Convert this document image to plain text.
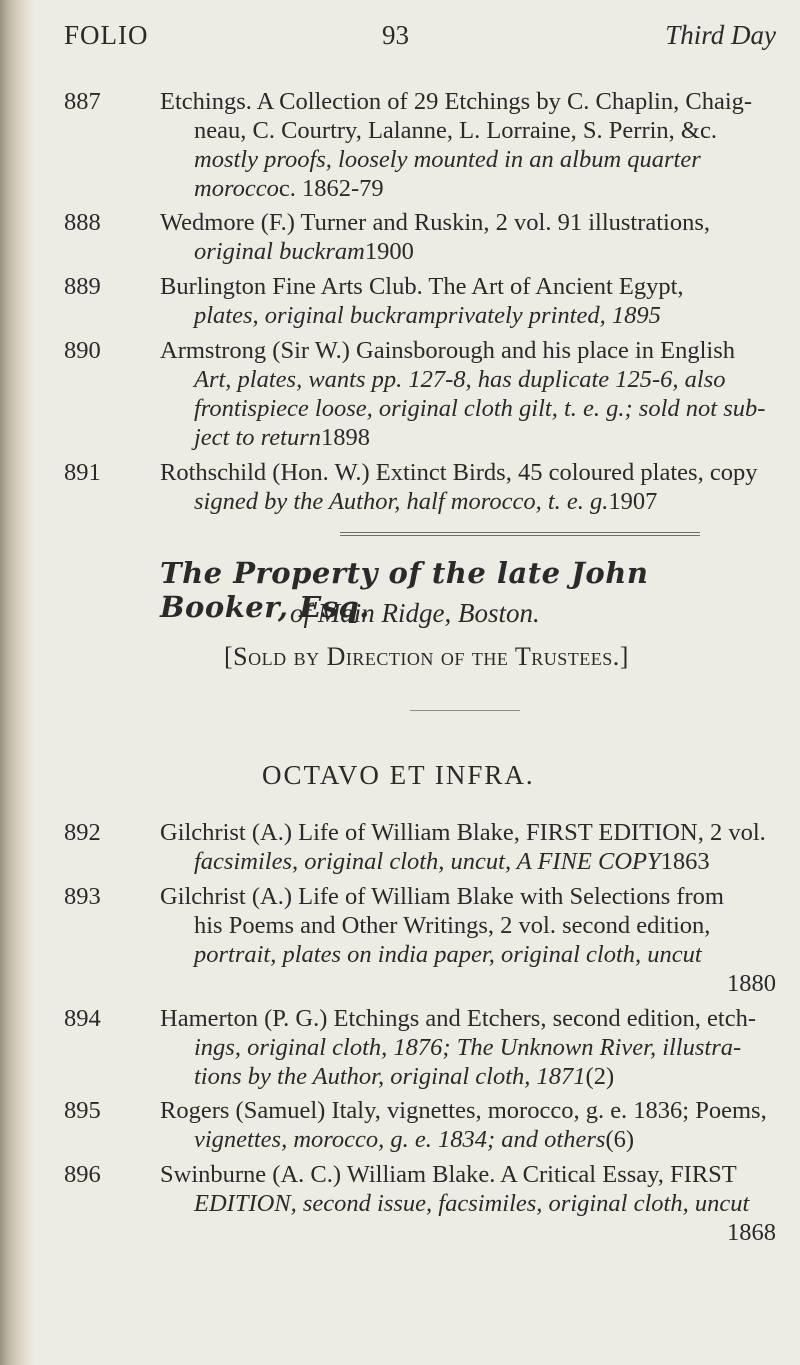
FOLIO	93	Third Day
887 Etchings. A Collection of 29 Etchings by C. Chaplin, Chaig-
neau, C. Courtry, Lalanne, L. Lorraine, S. Perrin, &c.
mostly proofs, loosely mounted in an album quarter
moroccoc. 1862-79
888 Wedmore (F.) Turner and Ruskin, 2 vol. 91 illustrations,
original buckram1900
889 Burlington Fine Arts Club. The Art of Ancient Egypt,
plates, original buckramprivately printed, 1895
890 Armstrong (Sir W.) Gainsborough and his place in English
Art, plates, wants pp. 127-8, has duplicate 125-6, also
frontispiece loose, original cloth gilt, t. e. g.; sold not sub-
ject to return1898
891 Rothschild (Hon. W.) Extinct Birds, 45 coloured plates, copy
signed by the Author, half morocco, t. e. g.1907
The Property of the late John Booker, Esq.
of Main Ridge, Boston.
[Sold by Direction of the Trustees.]
OCTAVO ET INFRA.
892 Gilchrist (A.) Life of William Blake, FIRST EDITION, 2 vol.
facsimiles, original cloth, uncut, A FINE COPY1863
893 Gilchrist (A.) Life of William Blake with Selections from
his Poems and Other Writings, 2 vol. second edition,
portrait, plates on india paper, original cloth, uncut
1880
894 Hamerton (P. G.) Etchings and Etchers, second edition, etch-
ings, original cloth, 1876; The Unknown River, illustra-
tions by the Author, original cloth, 1871(2)
895 Rogers (Samuel) Italy, vignettes, morocco, g. e. 1836; Poems,
vignettes, morocco, g. e. 1834; and others(6)
896 Swinburne (A. C.) William Blake. A Critical Essay, FIRST
EDITION, second issue, facsimiles, original cloth, uncut
1868
